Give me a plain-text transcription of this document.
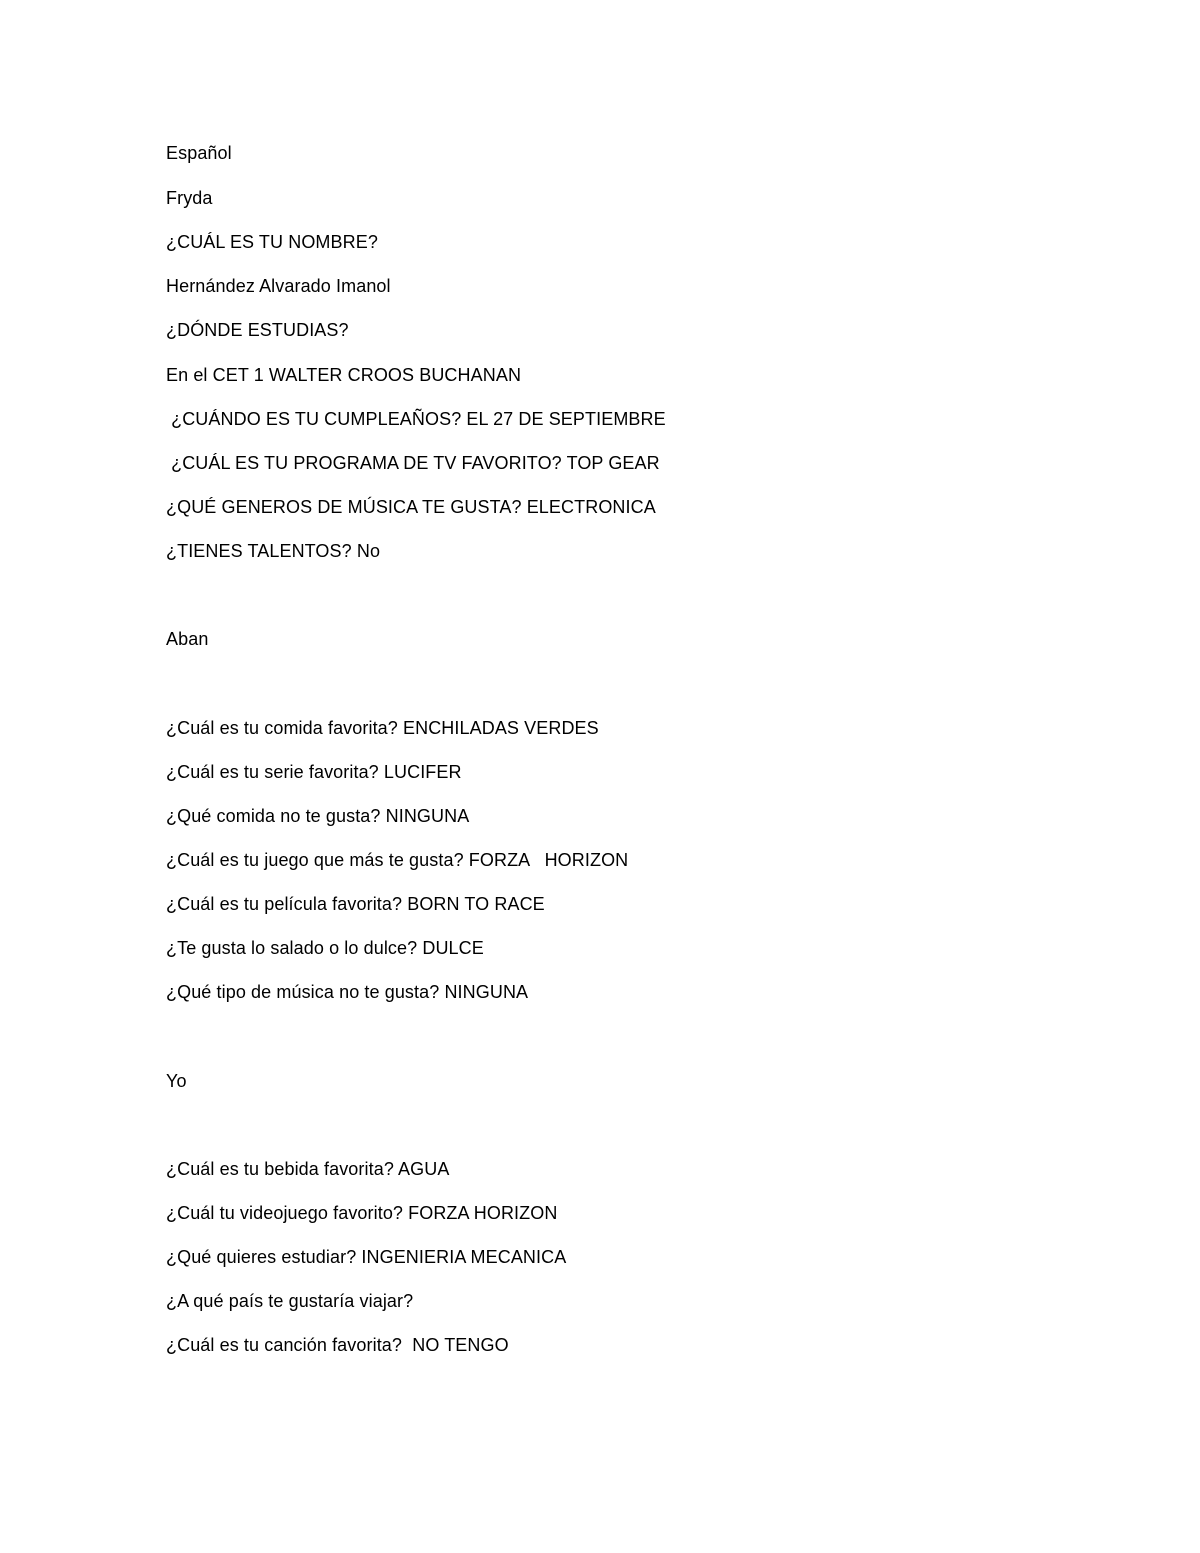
Español
Fryda
¿CUÁL ES TU NOMBRE?
Hernández Alvarado Imanol
¿DÓNDE ESTUDIAS?
En el CET 1 WALTER CROOS BUCHANAN
¿CUÁNDO ES TU CUMPLEAÑOS? EL 27 DE SEPTIEMBRE
¿CUÁL ES TU PROGRAMA DE TV FAVORITO? TOP GEAR
¿QUÉ GENEROS DE MÚSICA TE GUSTA? ELECTRONICA
¿TIENES TALENTOS? No
Aban
¿Cuál es tu comida favorita? ENCHILADAS VERDES
¿Cuál es tu serie favorita? LUCIFER
¿Qué comida no te gusta? NINGUNA
¿Cuál es tu juego que más te gusta? FORZA   HORIZON
¿Cuál es tu película favorita? BORN TO RACE
¿Te gusta lo salado o lo dulce? DULCE
¿Qué tipo de música no te gusta? NINGUNA
Yo
¿Cuál es tu bebida favorita? AGUA
¿Cuál tu videojuego favorito? FORZA HORIZON
¿Qué quieres estudiar? INGENIERIA MECANICA
¿A qué país te gustaría viajar?
¿Cuál es tu canción favorita?  NO TENGO
